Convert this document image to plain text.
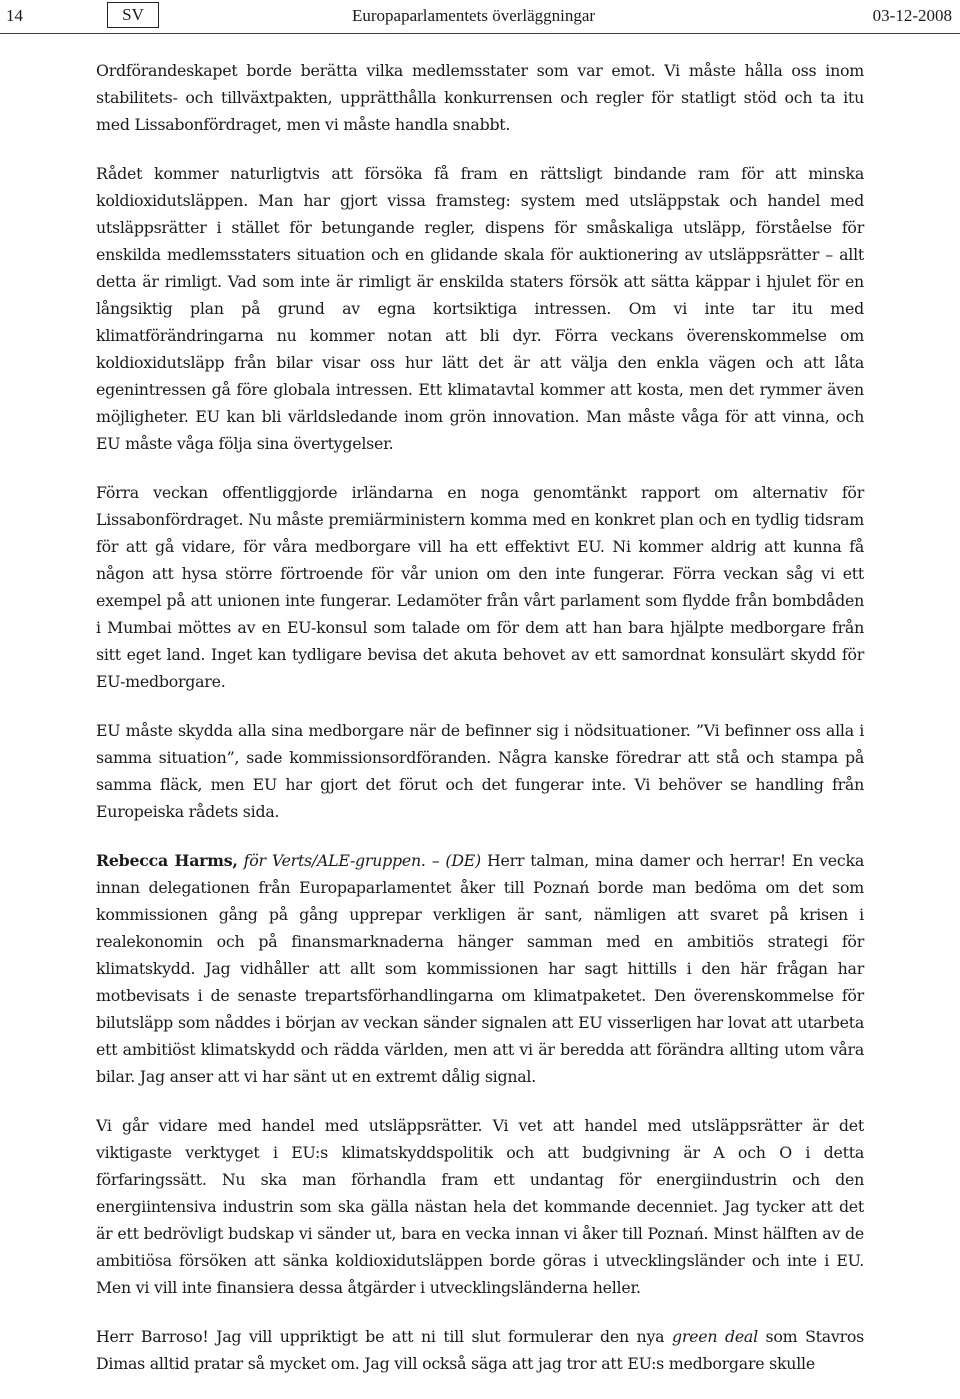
14	SV	Europaparlamentets överläggningar	03-12-2008

Ordförandeskapet borde berätta vilka medlemsstater som var emot. Vi måste hålla oss inom stabilitets- och tillväxtpakten, upprätthålla konkurrensen och regler för statligt stöd och ta itu med Lissabonfördraget, men vi måste handla snabbt.

Rådet kommer naturligtvis att försöka få fram en rättsligt bindande ram för att minska koldioxidutsläppen. Man har gjort vissa framsteg: system med utsläppstak och handel med utsläppsrätter i stället för betungande regler, dispens för småskaliga utsläpp, förståelse för enskilda medlemsstaters situation och en glidande skala för auktionering av utsläppsrätter – allt detta är rimligt. Vad som inte är rimligt är enskilda staters försök att sätta käppar i hjulet för en långsiktig plan på grund av egna kortsiktiga intressen. Om vi inte tar itu med klimatförändringarna nu kommer notan att bli dyr. Förra veckans överenskommelse om koldioxidutsläpp från bilar visar oss hur lätt det är att välja den enkla vägen och att låta egenintressen gå före globala intressen. Ett klimatavtal kommer att kosta, men det rymmer även möjligheter. EU kan bli världsledande inom grön innovation. Man måste våga för att vinna, och EU måste våga följa sina övertygelser.

Förra veckan offentliggjorde irländarna en noga genomtänkt rapport om alternativ för Lissabonfördraget. Nu måste premiärministern komma med en konkret plan och en tydlig tidsram för att gå vidare, för våra medborgare vill ha ett effektivt EU. Ni kommer aldrig att kunna få någon att hysa större förtroende för vår union om den inte fungerar. Förra veckan såg vi ett exempel på att unionen inte fungerar. Ledamöter från vårt parlament som flydde från bombdåden i Mumbai möttes av en EU-konsul som talade om för dem att han bara hjälpte medborgare från sitt eget land. Inget kan tydligare bevisa det akuta behovet av ett samordnat konsulärt skydd för EU-medborgare.

EU måste skydda alla sina medborgare när de befinner sig i nödsituationer. ”Vi befinner oss alla i samma situation”, sade kommissionsordföranden. Några kanske föredrar att stå och stampa på samma fläck, men EU har gjort det förut och det fungerar inte. Vi behöver se handling från Europeiska rådets sida.

Rebecca Harms, för Verts/ALE-gruppen. – (DE) Herr talman, mina damer och herrar! En vecka innan delegationen från Europaparlamentet åker till Poznań borde man bedöma om det som kommissionen gång på gång upprepar verkligen är sant, nämligen att svaret på krisen i realekonomin och på finansmarknaderna hänger samman med en ambitiös strategi för klimatskydd. Jag vidhåller att allt som kommissionen har sagt hittills i den här frågan har motbevisats i de senaste trepartsförhandlingarna om klimatpaketet. Den överenskommelse för bilutsläpp som nåddes i början av veckan sänder signalen att EU visserligen har lovat att utarbeta ett ambitiöst klimatskydd och rädda världen, men att vi är beredda att förändra allting utom våra bilar. Jag anser att vi har sänt ut en extremt dålig signal.

Vi går vidare med handel med utsläppsrätter. Vi vet att handel med utsläppsrätter är det viktigaste verktyget i EU:s klimatskyddspolitik och att budgivning är A och O i detta förfaringssätt. Nu ska man förhandla fram ett undantag för energiindustrin och den energiintensiva industrin som ska gälla nästan hela det kommande decenniet. Jag tycker att det är ett bedrövligt budskap vi sänder ut, bara en vecka innan vi åker till Poznań. Minst hälften av de ambitiösa försöken att sänka koldioxidutsläppen borde göras i utvecklingsländer och inte i EU. Men vi vill inte finansiera dessa åtgärder i utvecklingsländerna heller.

Herr Barroso! Jag vill uppriktigt be att ni till slut formulerar den nya green deal som Stavros Dimas alltid pratar så mycket om. Jag vill också säga att jag tror att EU:s medborgare skulle
